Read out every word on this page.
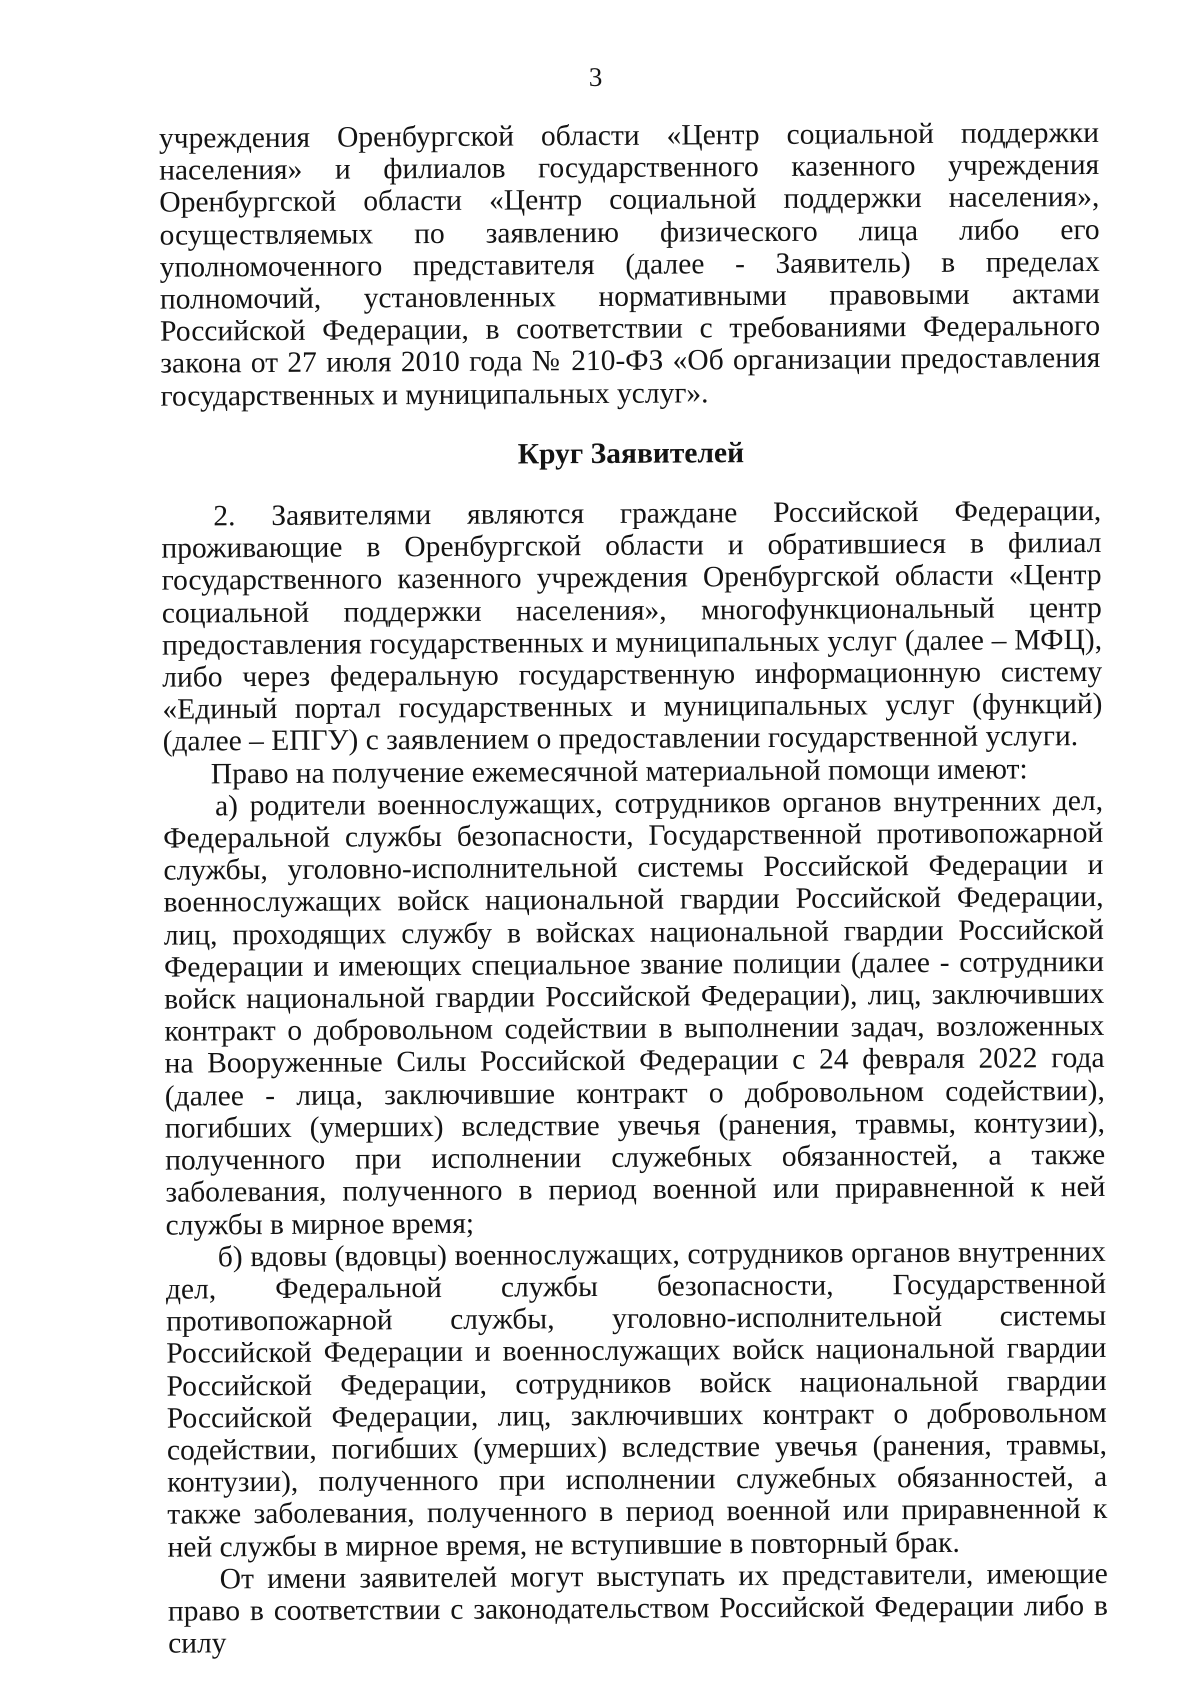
3

учреждения Оренбургской области «Центр социальной поддержки населения» и филиалов государственного казенного учреждения Оренбургской области «Центр социальной поддержки населения», осуществляемых по заявлению физического лица либо его уполномоченного представителя (далее - Заявитель) в пределах полномочий, установленных нормативными правовыми актами Российской Федерации, в соответствии с требованиями Федерального закона от 27 июля 2010 года № 210-ФЗ «Об организации предоставления государственных и муниципальных услуг».

Круг Заявителей

2. Заявителями являются граждане Российской Федерации, проживающие в Оренбургской области и обратившиеся в филиал государственного казенного учреждения Оренбургской области «Центр социальной поддержки населения», многофункциональный центр предоставления государственных и муниципальных услуг (далее – МФЦ), либо через федеральную государственную информационную систему «Единый портал государственных и муниципальных услуг (функций) (далее – ЕПГУ) с заявлением о предоставлении государственной услуги.

Право на получение ежемесячной материальной помощи имеют:

а) родители военнослужащих, сотрудников органов внутренних дел, Федеральной службы безопасности, Государственной противопожарной службы, уголовно-исполнительной системы Российской Федерации и военнослужащих войск национальной гвардии Российской Федерации, лиц, проходящих службу в войсках национальной гвардии Российской Федерации и имеющих специальное звание полиции (далее - сотрудники войск национальной гвардии Российской Федерации), лиц, заключивших контракт о добровольном содействии в выполнении задач, возложенных на Вооруженные Силы Российской Федерации с 24 февраля 2022 года (далее - лица, заключившие контракт о добровольном содействии), погибших (умерших) вследствие увечья (ранения, травмы, контузии), полученного при исполнении служебных обязанностей, а также заболевания, полученного в период военной или приравненной к ней службы в мирное время;

б) вдовы (вдовцы) военнослужащих, сотрудников органов внутренних дел, Федеральной службы безопасности, Государственной противопожарной службы, уголовно-исполнительной системы Российской Федерации и военнослужащих войск национальной гвардии Российской Федерации, сотрудников войск национальной гвардии Российской Федерации, лиц, заключивших контракт о добровольном содействии, погибших (умерших) вследствие увечья (ранения, травмы, контузии), полученного при исполнении служебных обязанностей, а также заболевания, полученного в период военной или приравненной к ней службы в мирное время, не вступившие в повторный брак.

От имени заявителей могут выступать их представители, имеющие право в соответствии с законодательством Российской Федерации либо в силу
